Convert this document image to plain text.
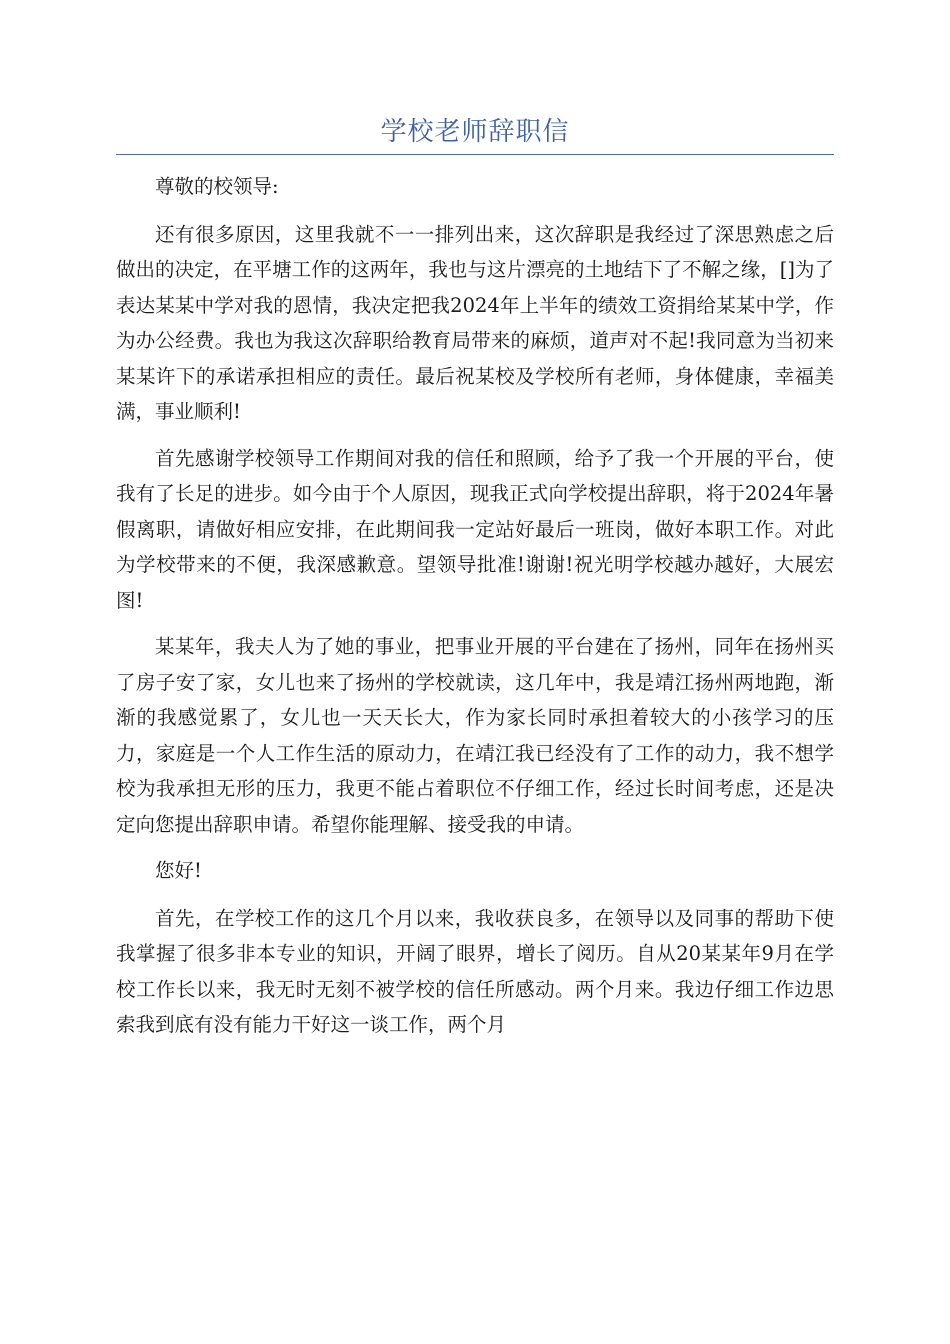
学校老师辞职信

尊敬的校领导:

还有很多原因，这里我就不一一排列出来，这次辞职是我经过了深思熟虑之后做出的决定，在平塘工作的这两年，我也与这片漂亮的土地结下了不解之缘，[]为了表达某某中学对我的恩情，我决定把我2024年上半年的绩效工资捐给某某中学，作为办公经费。我也为我这次辞职给教育局带来的麻烦，道声对不起!我同意为当初来某某许下的承诺承担相应的责任。最后祝某校及学校所有老师，身体健康，幸福美满，事业顺利!

首先感谢学校领导工作期间对我的信任和照顾，给予了我一个开展的平台，使我有了长足的进步。如今由于个人原因，现我正式向学校提出辞职，将于2024年暑假离职，请做好相应安排，在此期间我一定站好最后一班岗，做好本职工作。对此为学校带来的不便，我深感歉意。望领导批准!谢谢!祝光明学校越办越好，大展宏图!

某某年，我夫人为了她的事业，把事业开展的平台建在了扬州，同年在扬州买了房子安了家，女儿也来了扬州的学校就读，这几年中，我是靖江扬州两地跑，渐渐的我感觉累了，女儿也一天天长大，作为家长同时承担着较大的小孩学习的压力，家庭是一个人工作生活的原动力，在靖江我已经没有了工作的动力，我不想学校为我承担无形的压力，我更不能占着职位不仔细工作，经过长时间考虑，还是决定向您提出辞职申请。希望你能理解、接受我的申请。

您好!

首先，在学校工作的这几个月以来，我收获良多，在领导以及同事的帮助下使我掌握了很多非本专业的知识，开阔了眼界，增长了阅历。自从20某某年9月在学校工作长以来，我无时无刻不被学校的信任所感动。两个月来。我边仔细工作边思索我到底有没有能力干好这一谈工作，两个月
